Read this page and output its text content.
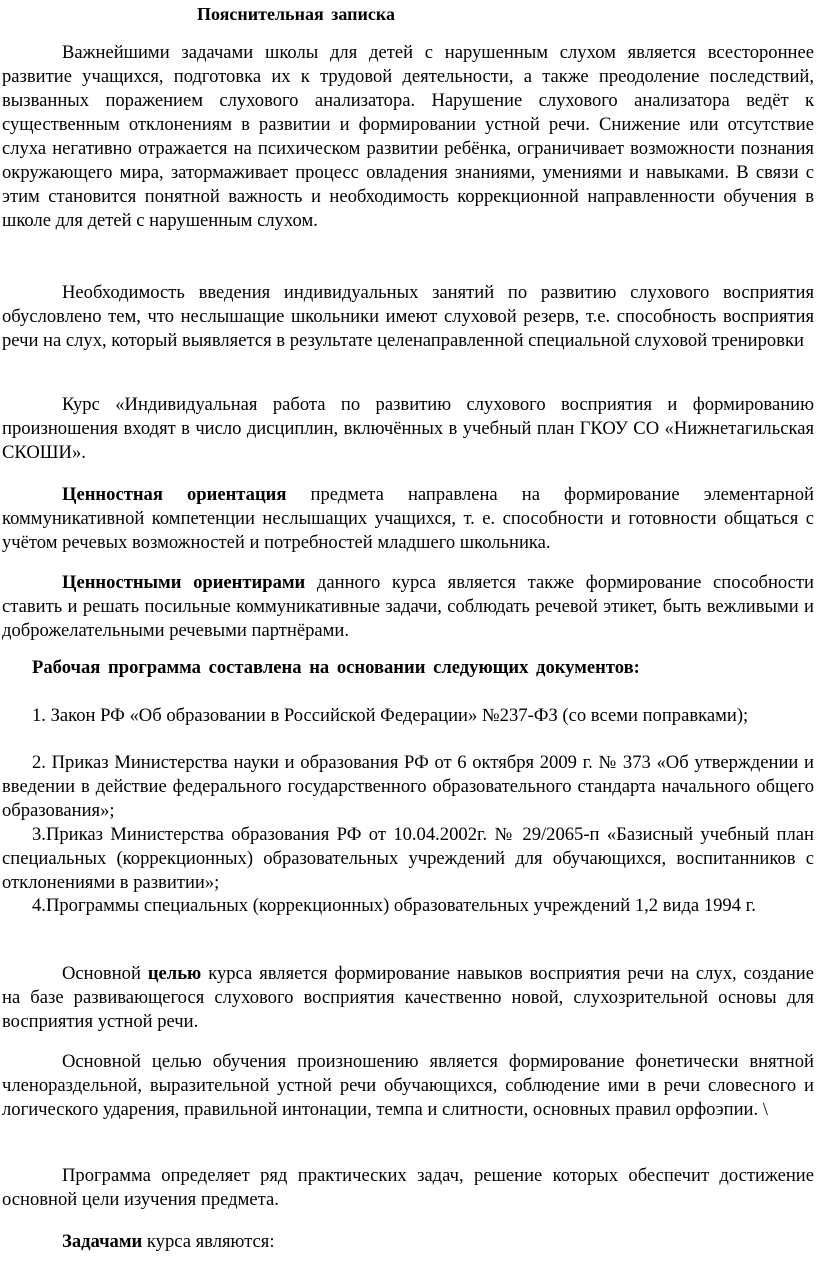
Пояснительная записка

Важнейшими задачами школы для детей с нарушенным слухом является всестороннее развитие учащихся, подготовка их к трудовой деятельности, а также преодоление последствий, вызванных поражением слухового анализатора. Нарушение слухового анализатора ведёт к существенным отклонениям в развитии и формировании устной речи. Снижение или отсутствие слуха негативно отражается на психическом развитии ребёнка, ограничивает возможности познания окружающего мира, затормаживает процесс овладения знаниями, умениями и навыками. В связи с этим становится понятной важность и необходимость коррекционной направленности обучения в школе для детей с нарушенным слухом.

Необходимость введения индивидуальных занятий по развитию слухового восприятия обусловлено тем, что неслышащие школьники имеют слуховой резерв, т.е. способность восприятия речи на слух, который выявляется в результате целенаправленной специальной слуховой тренировки

Курс «Индивидуальная работа по развитию слухового восприятия и формированию произношения входят в число дисциплин, включённых в учебный план ГКОУ СО «Нижнетагильская СКОШИ».

Ценностная ориентация предмета направлена на формирование элементарной коммуникативной компетенции неслышащих учащихся, т. е. способности и готовности общаться с учётом речевых возможностей и потребностей младшего школьника.

Ценностными ориентирами данного курса является также формирование способности ставить и решать посильные коммуникативные задачи, соблюдать речевой этикет, быть вежливыми и доброжелательными речевыми партнёрами.

Рабочая программа составлена на основании следующих документов:

1. Закон РФ «Об образовании в Российской Федерации» №237-ФЗ (со всеми поправками);

2. Приказ Министерства науки и образования РФ от 6 октября 2009 г. № 373 «Об утверждении и введении в действие федерального государственного образовательного стандарта начального общего образования»;

3.Приказ Министерства образования РФ от 10.04.2002г. № 29/2065-п «Базисный учебный план специальных (коррекционных) образовательных учреждений для обучающихся, воспитанников с отклонениями в развитии»;

4.Программы специальных (коррекционных) образовательных учреждений 1,2 вида 1994 г.

Основной целью курса является формирование навыков восприятия речи на слух, создание на базе развивающегося слухового восприятия качественно новой, слухозрительной основы для восприятия устной речи.

Основной целью обучения произношению является формирование фонетически внятной членораздельной, выразительной устной речи обучающихся, соблюдение ими в речи словесного и логического ударения, правильной интонации, темпа и слитности, основных правил орфоэпии. \

Программа определяет ряд практических задач, решение которых обеспечит достижение основной цели изучения предмета.

Задачами курса являются:
